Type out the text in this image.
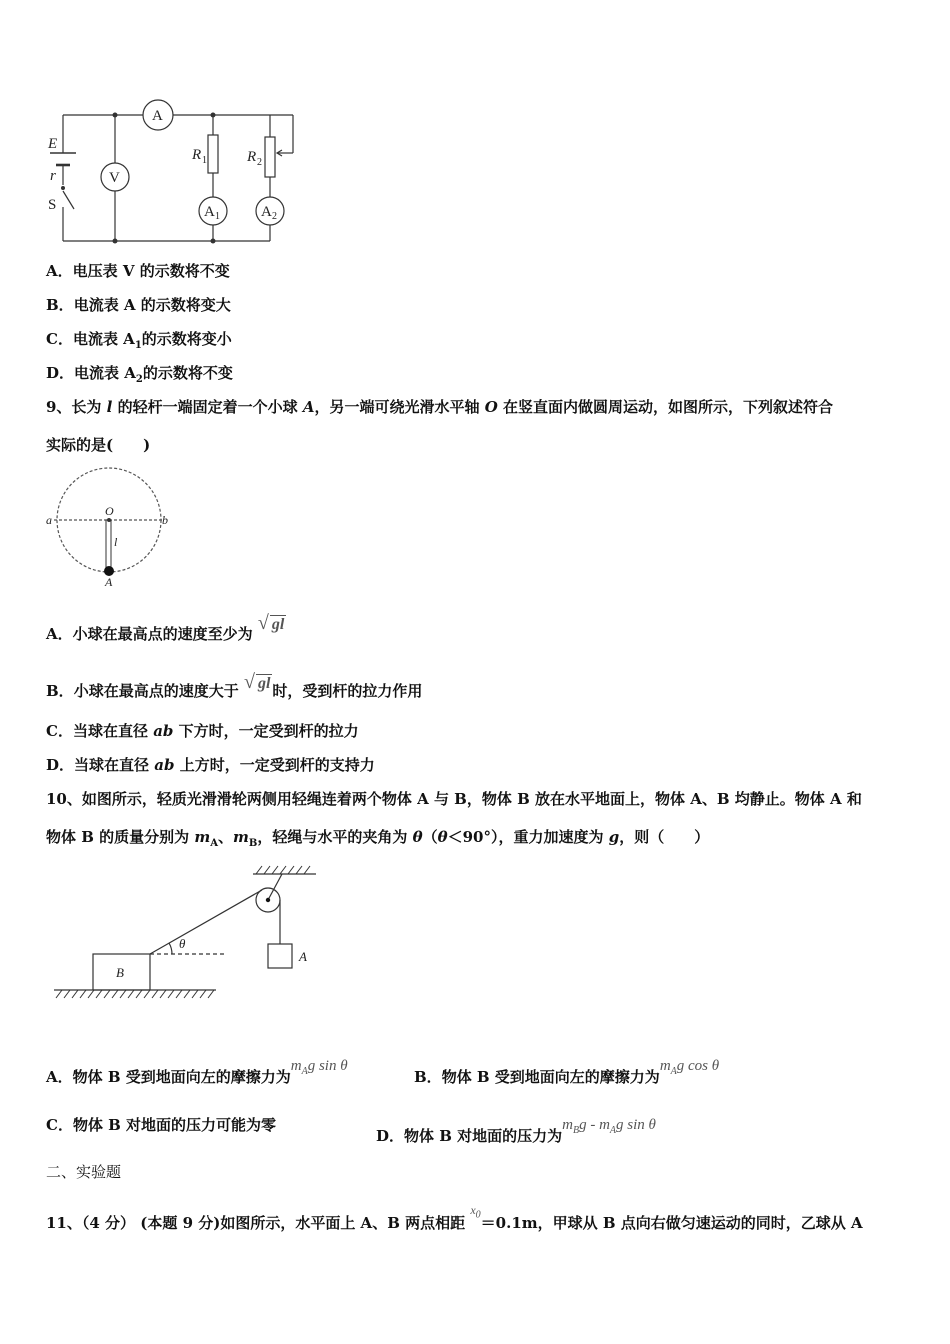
E
r
S
A
V
R 1	R 2
A 1	A 2
A．电压表 V 的示数将不变
B．电流表 A 的示数将变大
C．电流表 $A_1$的示数将变小
D．电流表 $A_2$的示数将不变
9、长为 l 的轻杆一端固定着一个小球 A，另一端可绕光滑水平轴 O 在竖直面内做圆周运动，如图所示，下列叙述符合
实际的是(　　)
O
a	b
l
A
A．小球在最高点的速度至少为 √ gl
B．小球在最高点的速度大于 √ gl 时，受到杆的拉力作用
C．当球在直径 ab 下方时，一定受到杆的拉力
D．当球在直径 ab 上方时，一定受到杆的支持力
10、如图所示，轻质光滑滑轮两侧用轻绳连着两个物体 A 与 B，物体 B 放在水平地面上，物体 A、B 均静止。物体 A 和
物体 B 的质量分别为 $m_A$、$m_B$，轻绳与水平的夹角为 θ（θ＜90°），重力加速度为 g，则（　　）
θ
B
A
A．物体 B 受到地面向左的摩擦力为$m_Ag$ sin θ
B．物体 B 受到地面向左的摩擦力为$m_Ag$ cos θ
C．物体 B 对地面的压力可能为零
D．物体 B 对地面的压力为$m_Bg - m_Ag$ sin θ
二、实验题
11、（4 分） (本题 9 分)如图所示，水平面上 A、B 两点相距 $^{x_0}$＝0.1m，甲球从 B 点向右做匀速运动的同时，乙球从 A
